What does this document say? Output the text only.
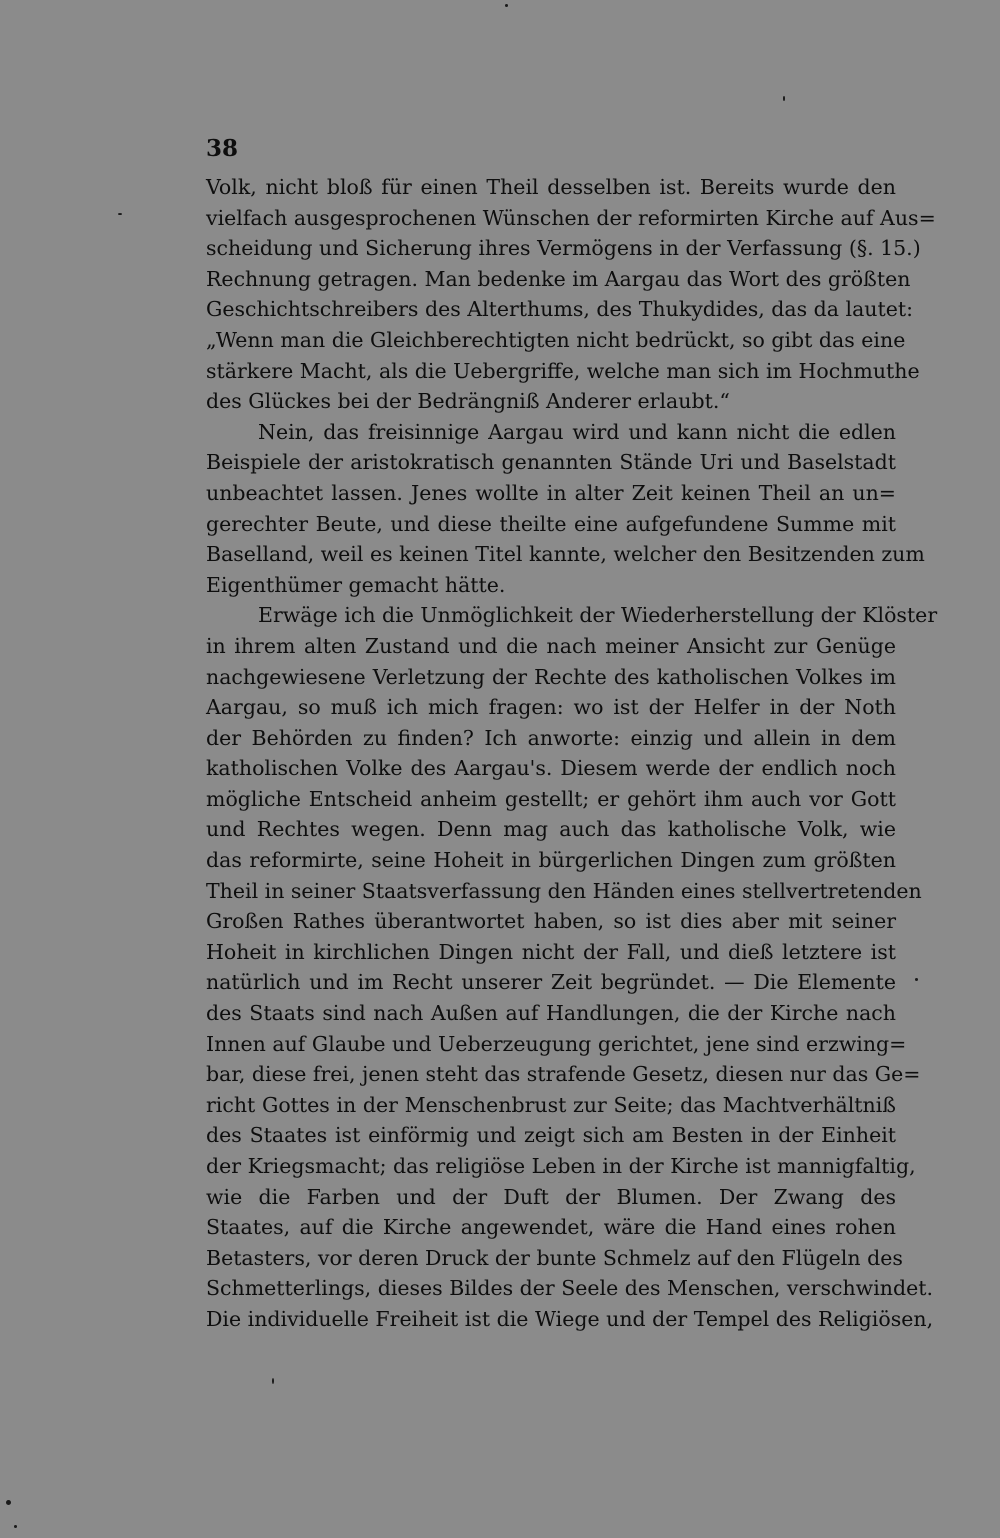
38
Volk, nicht bloß für einen Theil desselben ist. Bereits wurde den
vielfach ausgesprochenen Wünschen der reformirten Kirche auf Aus=
scheidung und Sicherung ihres Vermögens in der Verfassung (§. 15.)
Rechnung getragen. Man bedenke im Aargau das Wort des größten
Geschichtschreibers des Alterthums, des Thukydides, das da lautet:
„Wenn man die Gleichberechtigten nicht bedrückt, so gibt das eine
stärkere Macht, als die Uebergriffe, welche man sich im Hochmuthe
des Glückes bei der Bedrängniß Anderer erlaubt.“
Nein, das freisinnige Aargau wird und kann nicht die edlen
Beispiele der aristokratisch genannten Stände Uri und Baselstadt
unbeachtet lassen. Jenes wollte in alter Zeit keinen Theil an un=
gerechter Beute, und diese theilte eine aufgefundene Summe mit
Baselland, weil es keinen Titel kannte, welcher den Besitzenden zum
Eigenthümer gemacht hätte.
Erwäge ich die Unmöglichkeit der Wiederherstellung der Klöster
in ihrem alten Zustand und die nach meiner Ansicht zur Genüge
nachgewiesene Verletzung der Rechte des katholischen Volkes im
Aargau, so muß ich mich fragen: wo ist der Helfer in der Noth
der Behörden zu finden? Ich anworte: einzig und allein in dem
katholischen Volke des Aargau's. Diesem werde der endlich noch
mögliche Entscheid anheim gestellt; er gehört ihm auch vor Gott
und Rechtes wegen. Denn mag auch das katholische Volk, wie
das reformirte, seine Hoheit in bürgerlichen Dingen zum größten
Theil in seiner Staatsverfassung den Händen eines stellvertretenden
Großen Rathes überantwortet haben, so ist dies aber mit seiner
Hoheit in kirchlichen Dingen nicht der Fall, und dieß letztere ist
natürlich und im Recht unserer Zeit begründet. — Die Elemente
des Staats sind nach Außen auf Handlungen, die der Kirche nach
Innen auf Glaube und Ueberzeugung gerichtet, jene sind erzwing=
bar, diese frei, jenen steht das strafende Gesetz, diesen nur das Ge=
richt Gottes in der Menschenbrust zur Seite; das Machtverhältniß
des Staates ist einförmig und zeigt sich am Besten in der Einheit
der Kriegsmacht; das religiöse Leben in der Kirche ist mannigfaltig,
wie die Farben und der Duft der Blumen. Der Zwang des
Staates, auf die Kirche angewendet, wäre die Hand eines rohen
Betasters, vor deren Druck der bunte Schmelz auf den Flügeln des
Schmetterlings, dieses Bildes der Seele des Menschen, verschwindet.
Die individuelle Freiheit ist die Wiege und der Tempel des Religiösen,
